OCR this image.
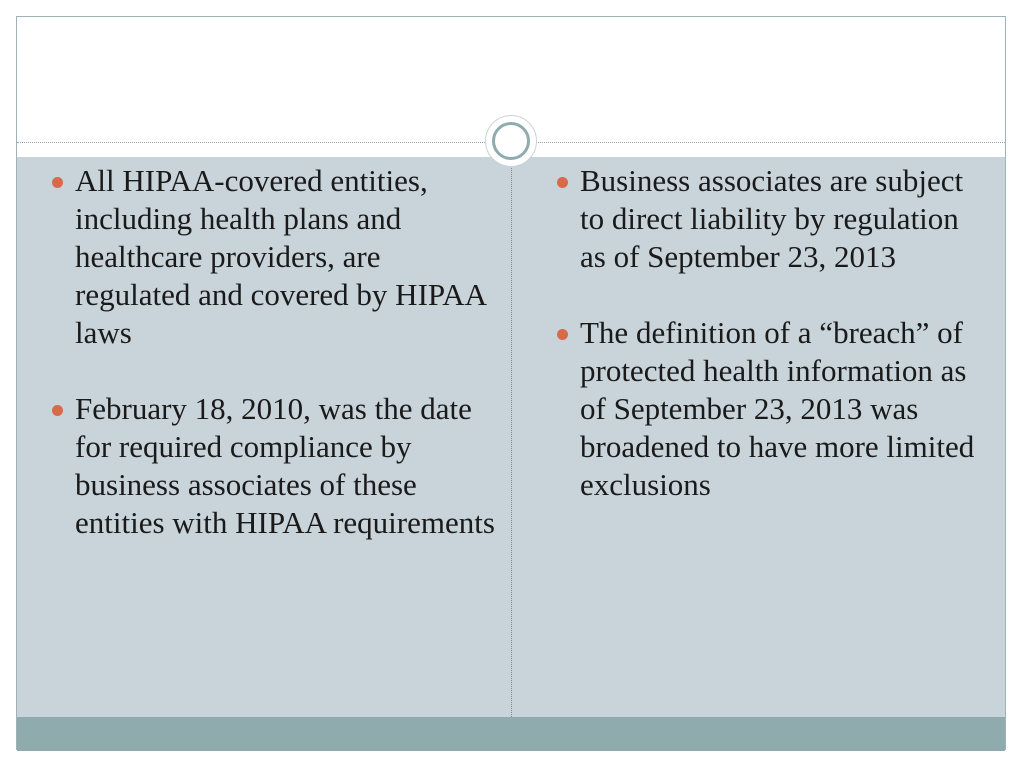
All HIPAA-covered entities, including health plans and healthcare providers, are regulated and covered by HIPAA laws
February 18, 2010, was the date for required compliance by business associates of these entities with HIPAA requirements
Business associates are subject to direct liability by regulation as of September 23, 2013
The definition of a “breach” of protected health information as of September 23, 2013 was broadened to have more limited exclusions
